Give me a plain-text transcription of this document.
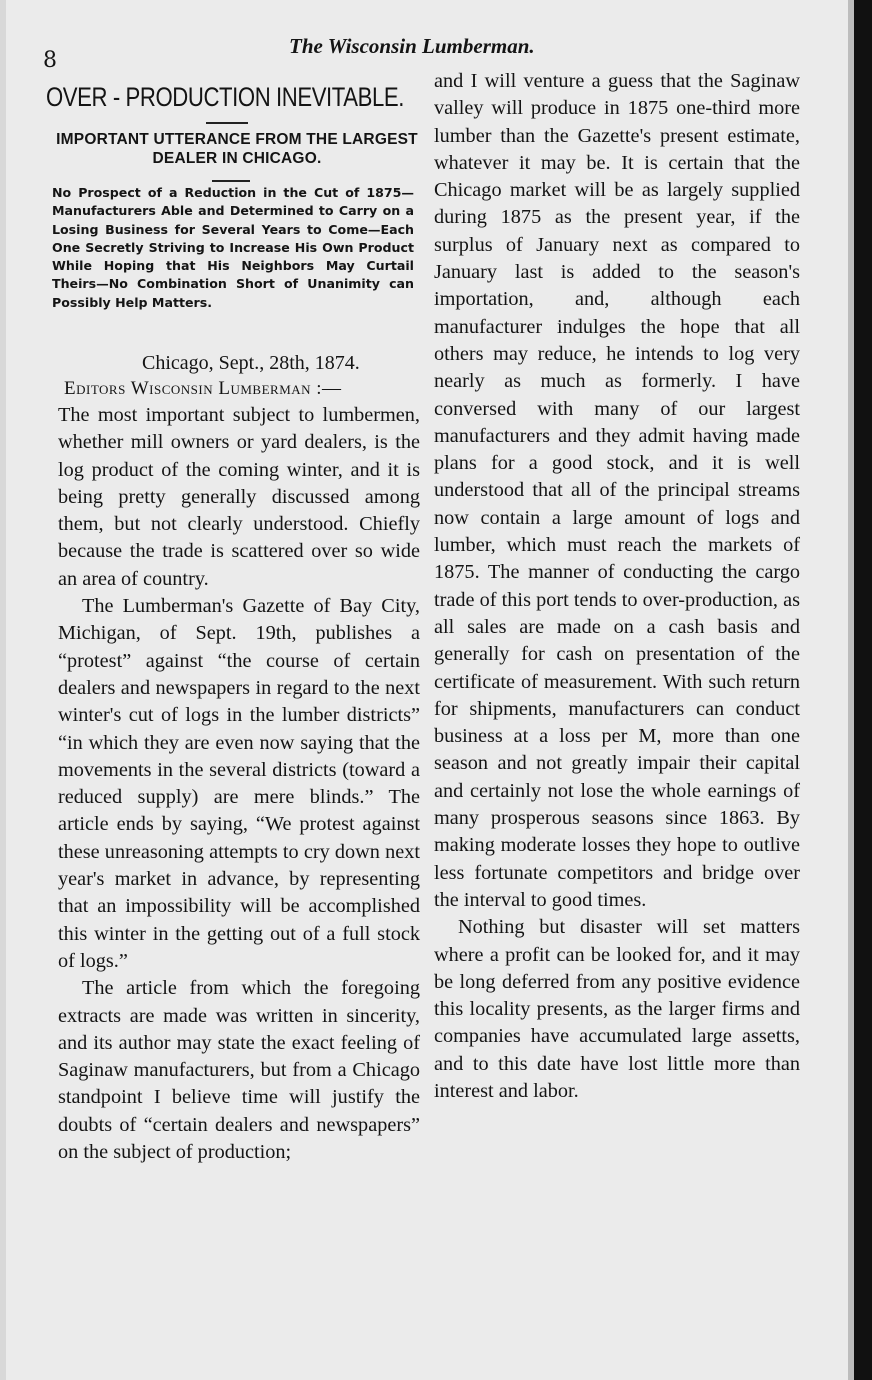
8
The Wisconsin Lumberman.
OVER - PRODUCTION INEVITABLE.
IMPORTANT UTTERANCE FROM THE LARGEST DEALER IN CHICAGO.
No Prospect of a Reduction in the Cut of 1875—Manufacturers Able and Determined to Carry on a Losing Business for Several Years to Come—Each One Secretly Striving to Increase His Own Product While Hoping that His Neighbors May Curtail Theirs—No Combination Short of Unanimity can Possibly Help Matters.
Chicago, Sept., 28th, 1874.
Editors Wisconsin Lumberman :—

The most important subject to lumbermen, whether mill owners or yard dealers, is the log product of the coming winter, and it is being pretty generally discussed among them, but not clearly understood. Chiefly because the trade is scattered over so wide an area of country.

The Lumberman's Gazette of Bay City, Michigan, of Sept. 19th, publishes a “protest” against “the course of certain dealers and newspapers in regard to the next winter's cut of logs in the lumber districts” “in which they are even now saying that the movements in the several districts (toward a reduced supply) are mere blinds.” The article ends by saying, “We protest against these unreasoning attempts to cry down next year's market in advance, by representing that an impossibility will be accomplished this winter in the getting out of a full stock of logs.”

The article from which the foregoing extracts are made was written in sincerity, and its author may state the exact feeling of Saginaw manufacturers, but from a Chicago standpoint I believe time will justify the doubts of “certain dealers and newspapers” on the subject of production;

and I will venture a guess that the Saginaw valley will produce in 1875 one-third more lumber than the Gazette's present estimate, whatever it may be. It is certain that the Chicago market will be as largely supplied during 1875 as the present year, if the surplus of January next as compared to January last is added to the season's importation, and, although each manufacturer indulges the hope that all others may reduce, he intends to log very nearly as much as formerly. I have conversed with many of our largest manufacturers and they admit having made plans for a good stock, and it is well understood that all of the principal streams now contain a large amount of logs and lumber, which must reach the markets of 1875. The manner of conducting the cargo trade of this port tends to over-production, as all sales are made on a cash basis and generally for cash on presentation of the certificate of measurement. With such return for shipments, manufacturers can conduct business at a loss per M, more than one season and not greatly impair their capital and certainly not lose the whole earnings of many prosperous seasons since 1863. By making moderate losses they hope to outlive less fortunate competitors and bridge over the interval to good times.

Nothing but disaster will set matters where a profit can be looked for, and it may be long deferred from any positive evidence this locality presents, as the larger firms and companies have accumulated large assetts, and to this date have lost little more than interest and labor.
